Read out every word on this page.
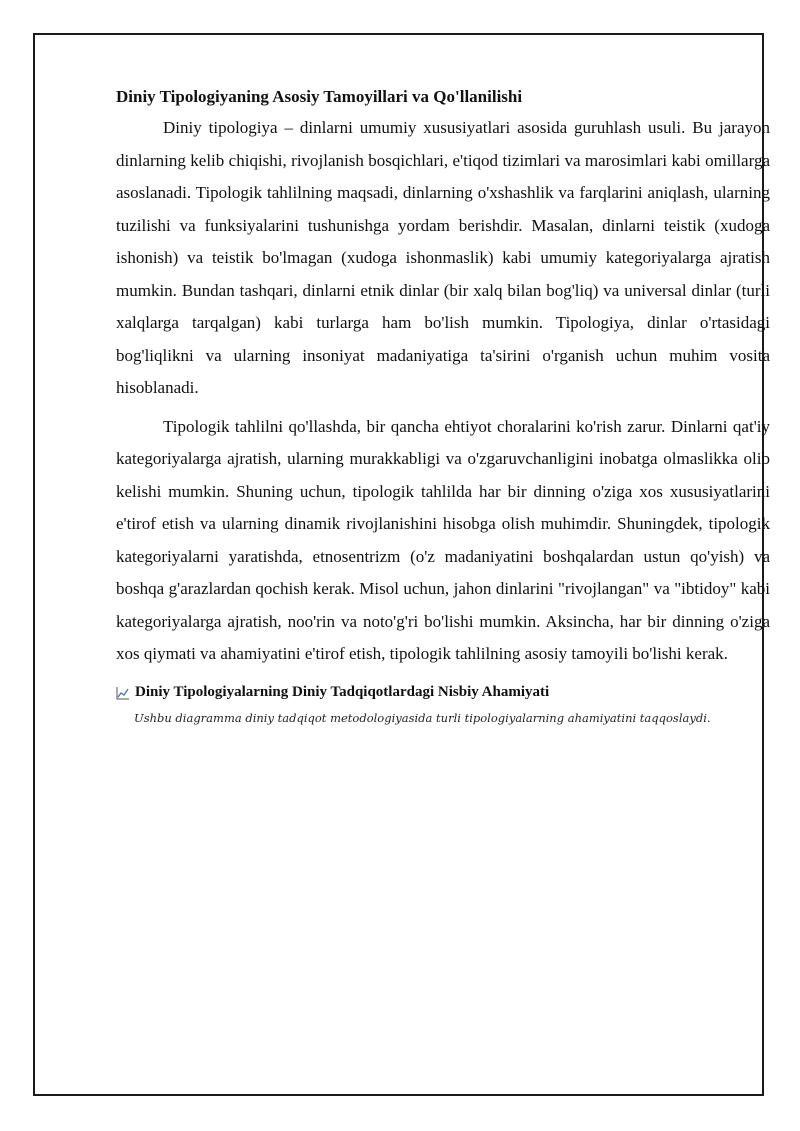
Diniy Tipologiyaning Asosiy Tamoyillari va Qo'llanilishi

Diniy tipologiya – dinlarni umumiy xususiyatlari asosida guruhlash usuli. Bu jarayon dinlarning kelib chiqishi, rivojlanish bosqichlari, e'tiqod tizimlari va marosimlari kabi omillarga asoslanadi. Tipologik tahlilning maqsadi, dinlarning o'xshashlik va farqlarini aniqlash, ularning tuzilishi va funksiyalarini tushunishga yordam berishdir. Masalan, dinlarni teistik (xudoga ishonish) va teistik bo'lmagan (xudoga ishonmaslik) kabi umumiy kategoriyalarga ajratish mumkin. Bundan tashqari, dinlarni etnik dinlar (bir xalq bilan bog'liq) va universal dinlar (turli xalqlarga tarqalgan) kabi turlarga ham bo'lish mumkin. Tipologiya, dinlar o'rtasidagi bog'liqlikni va ularning insoniyat madaniyatiga ta'sirini o'rganish uchun muhim vosita hisoblanadi.

Tipologik tahlilni qo'llashda, bir qancha ehtiyot choralarini ko'rish zarur. Dinlarni qat'iy kategoriyalarga ajratish, ularning murakkabligi va o'zgaruvchanligini inobatga olmaslikka olib kelishi mumkin. Shuning uchun, tipologik tahlilda har bir dinning o'ziga xos xususiyatlarini e'tirof etish va ularning dinamik rivojlanishini hisobga olish muhimdir. Shuningdek, tipologik kategoriyalarni yaratishda, etnosentrizm (o'z madaniyatini boshqalardan ustun qo'yish) va boshqa g'arazlardan qochish kerak. Misol uchun, jahon dinlarini "rivojlangan" va "ibtidoy" kabi kategoriyalarga ajratish, noo'rin va noto'g'ri bo'lishi mumkin. Aksincha, har bir dinning o'ziga xos qiymati va ahamiyatini e'tirof etish, tipologik tahlilning asosiy tamoyili bo'lishi kerak.

Diniy Tipologiyalarning Diniy Tadqiqotlardagi Nisbiy Ahamiyati
Ushbu diagramma diniy tadqiqot metodologiyasida turli tipologiyalarning ahamiyatini taqqoslaydi.
